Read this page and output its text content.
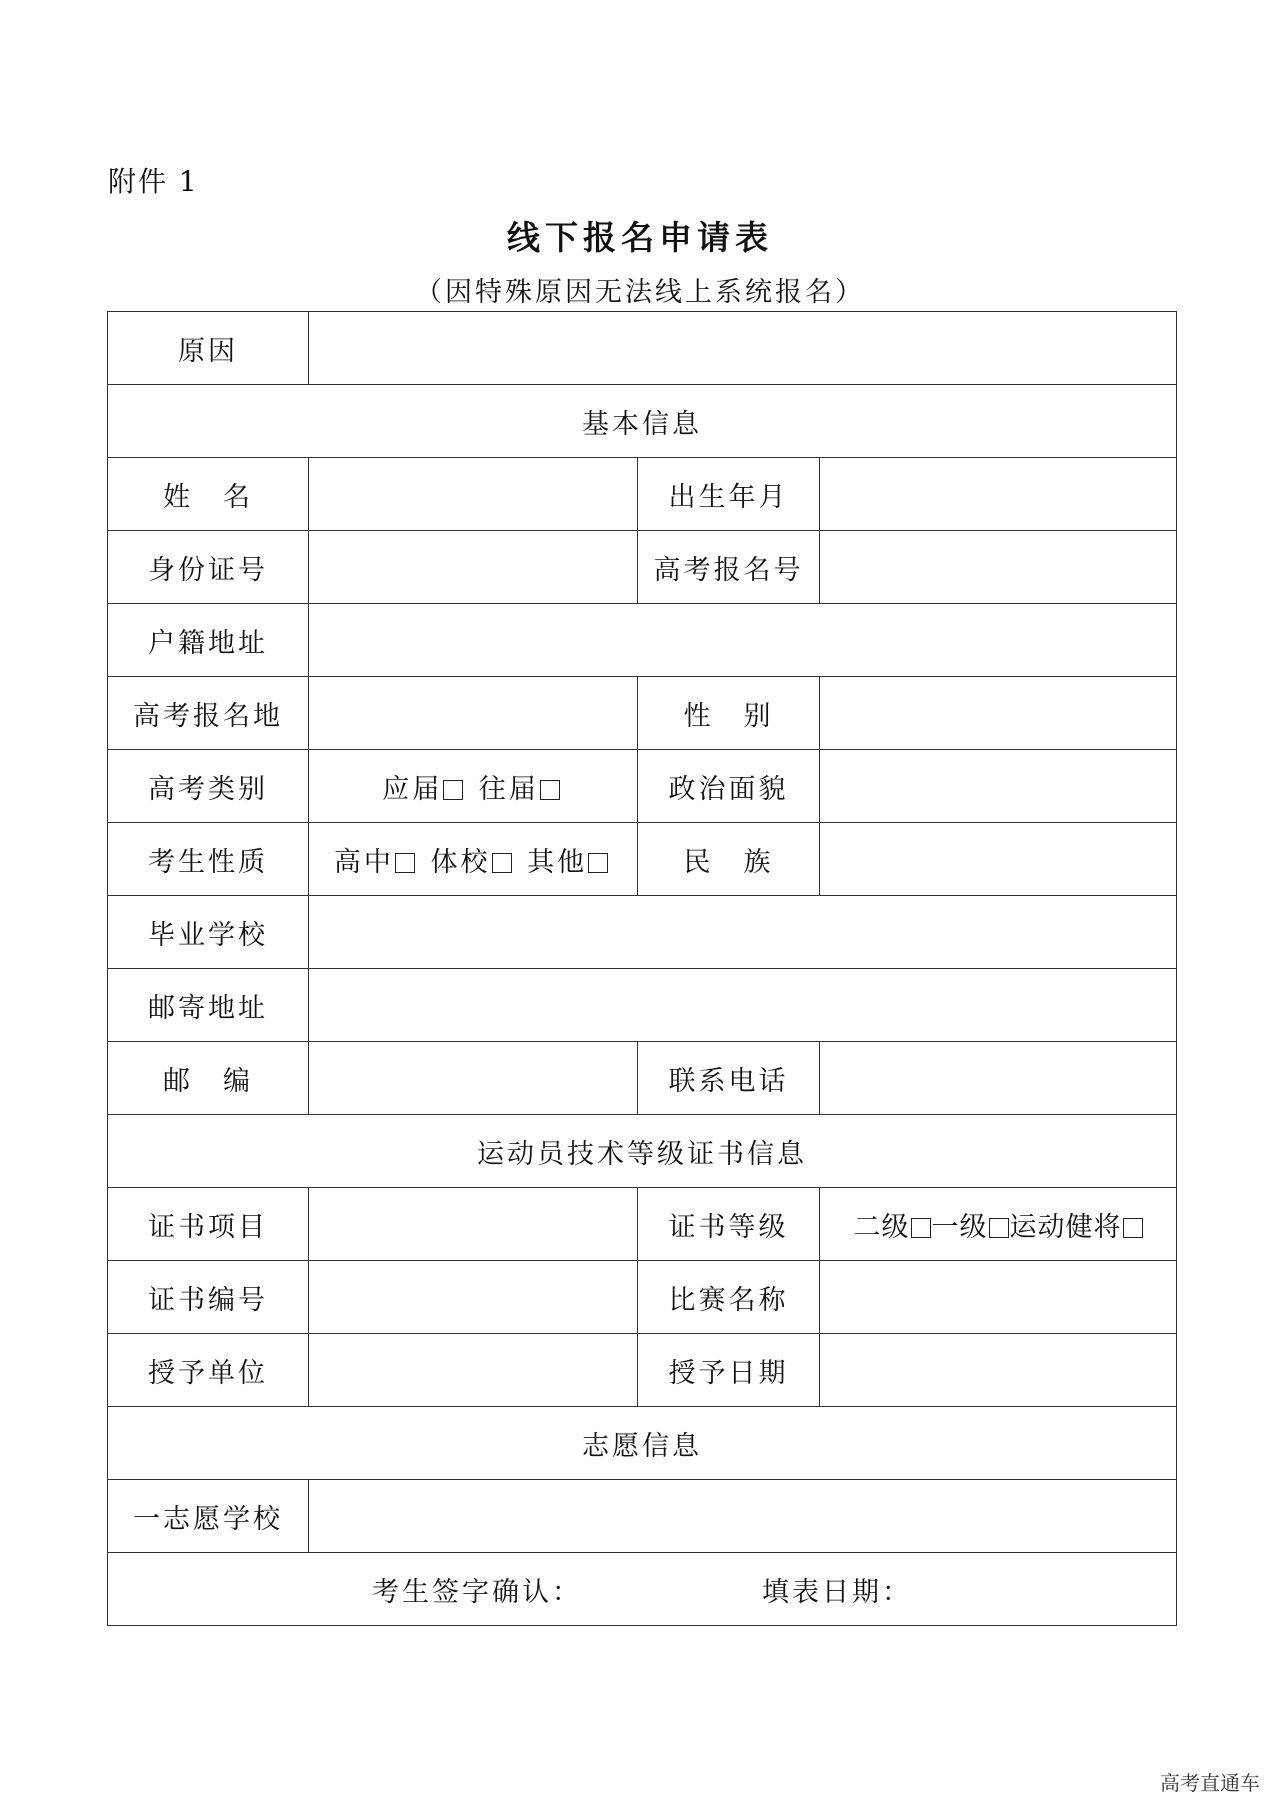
附件 1
线下报名申请表
（因特殊原因无法线上系统报名）
原因			
基本信息			
姓　名		出生年月	
身份证号		高考报名号	
户籍地址			
高考报名地		性　别	
高考类别	应届 往届	政治面貌	
考生性质	高中 体校 其他	民　族	
毕业学校			
邮寄地址			
邮　编		联系电话	
运动员技术等级证书信息			
证书项目		证书等级	二级 一级 运动健将
证书编号		比赛名称	
授予单位		授予日期	
志愿信息			
一志愿学校			
考生签字确认： 填表日期：			
高考直通车
